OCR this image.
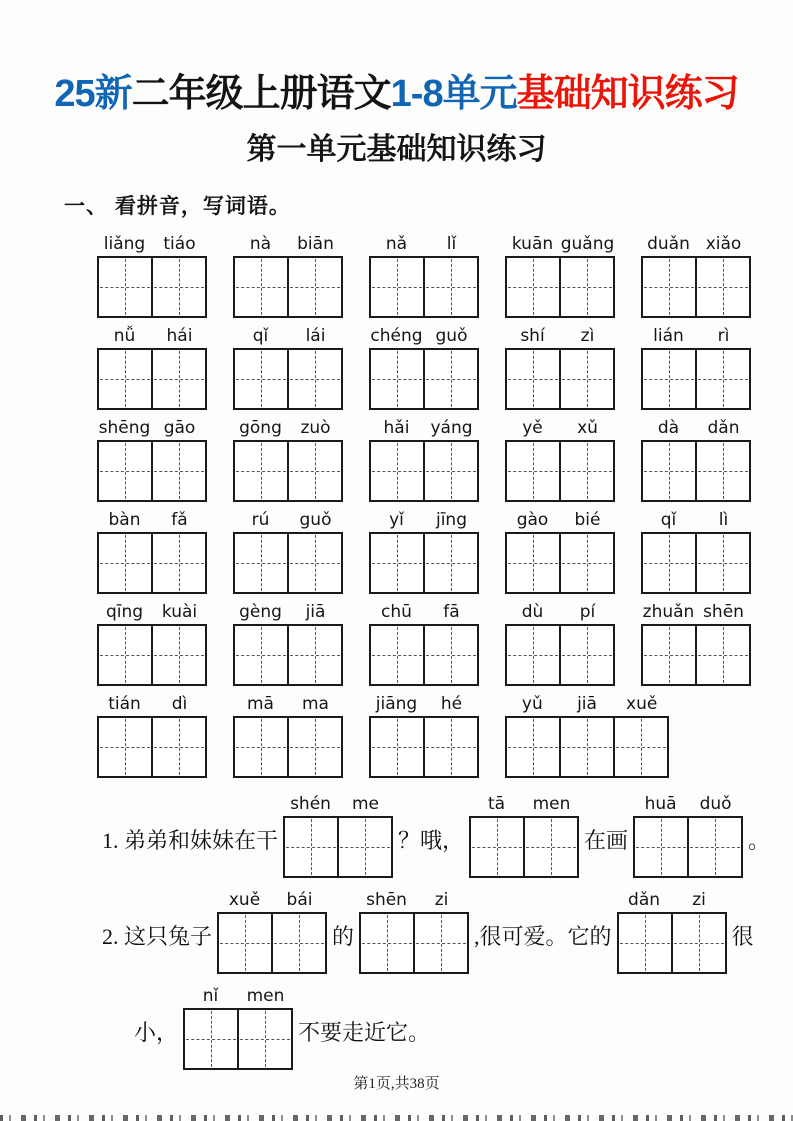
25新二年级上册语文1-8单元基础知识练习
第一单元基础知识练习
一、 看拼音，写词语。
liǎng	tiáo	nà	biān	nǎ	lǐ	kuān guǎng	duǎn xiǎo
nǚ	hái	qǐ	lái	chéng guǒ	shí	zì	lián	rì
shēng gāo	gōng	zuò	hǎi	yáng	yě	xǔ	dà	dǎn
bàn	fǎ	rú	guǒ	yǐ	jīng	gào	bié	qǐ	lì
qīng	kuài	gèng	jiā	chū	fā	dù	pí	zhuǎn shēn
tián	dì	mā	ma	jiāng	hé	yǔ	jiā	xuě
1. 弟弟和妹妹在干
shén	me
？哦，
tā	men
在画
huā	duǒ
。
2. 这只兔子
xuě	bái
的
shēn	zi
,很可爱。它的
dǎn	zi
很
小，
nǐ	men
不要走近它。
第1页,共38页
